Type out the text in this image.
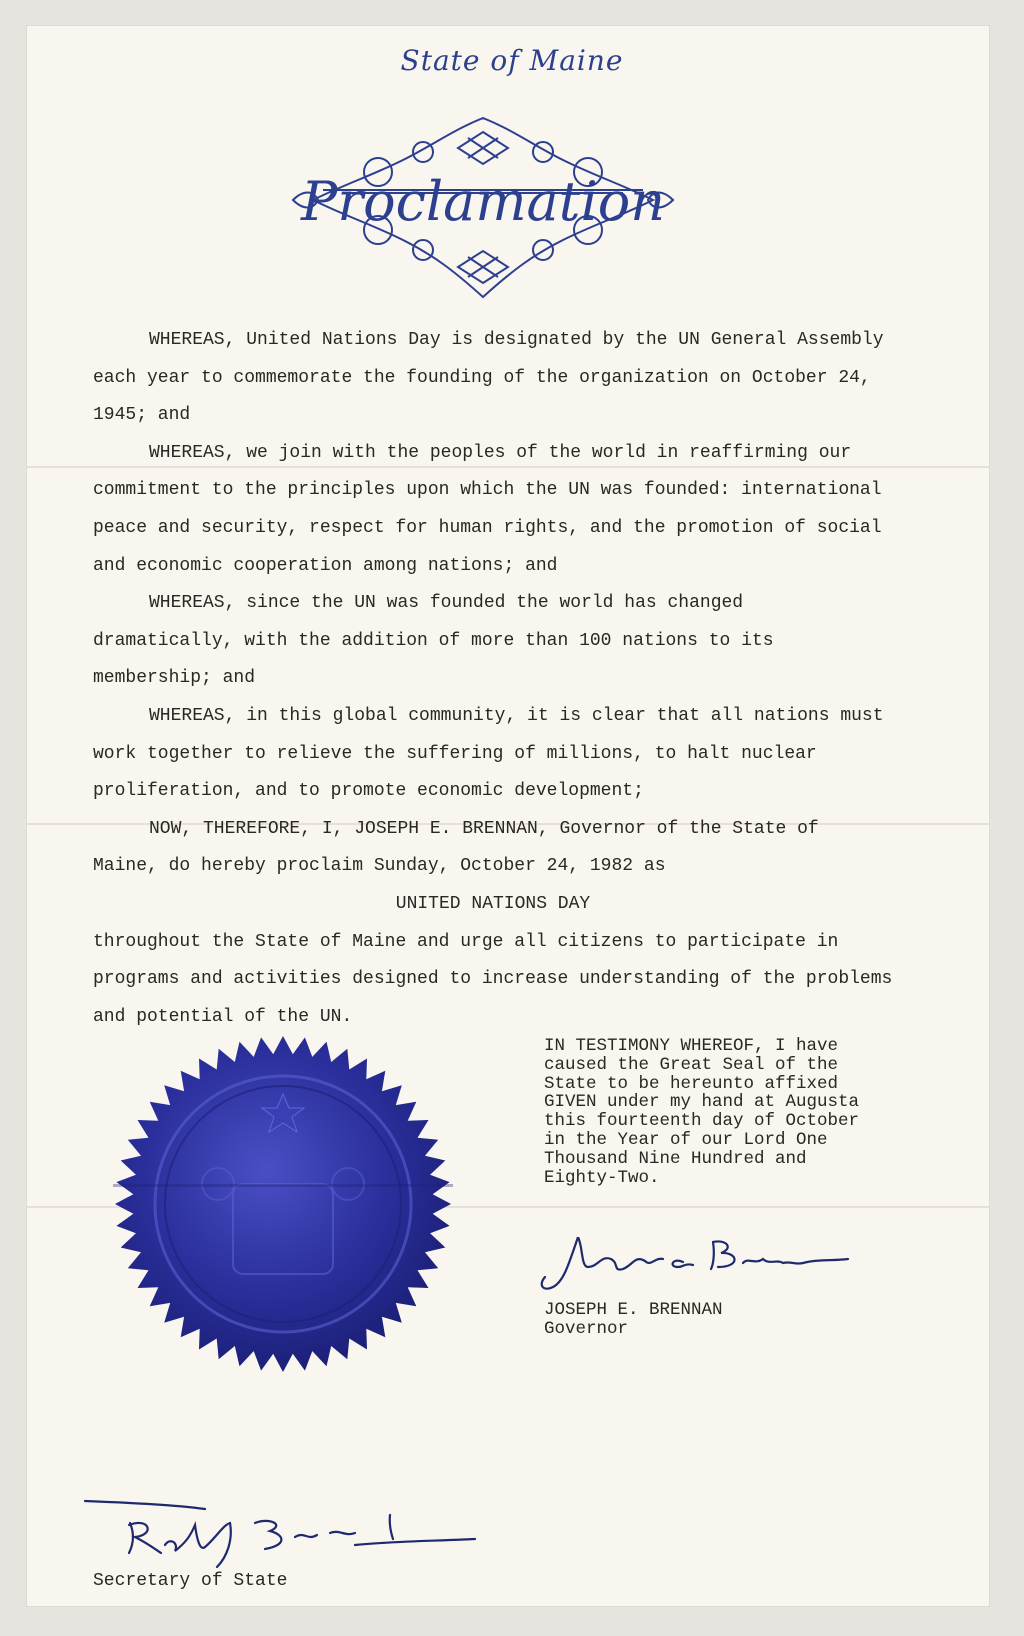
State of Maine
Proclamation

WHEREAS, United Nations Day is designated by the UN General Assembly each year to commemorate the founding of the organization on October 24, 1945; and

WHEREAS, we join with the peoples of the world in reaffirming our commitment to the principles upon which the UN was founded: international peace and security, respect for human rights, and the promotion of social and economic cooperation among nations; and

WHEREAS, since the UN was founded the world has changed dramatically, with the addition of more than 100 nations to its membership; and

WHEREAS, in this global community, it is clear that all nations must work together to relieve the suffering of millions, to halt nuclear proliferation, and to promote economic development;

NOW, THEREFORE, I, JOSEPH E. BRENNAN, Governor of the State of Maine, do hereby proclaim Sunday, October 24, 1982 as

UNITED NATIONS DAY

throughout the State of Maine and urge all citizens to participate in programs and activities designed to increase understanding of the problems and potential of the UN.

IN TESTIMONY WHEREOF, I have

caused the Great Seal of the

State to be hereunto affixed

GIVEN under my hand at Augusta

this fourteenth day of October

in the Year of our Lord One

Thousand Nine Hundred and

Eighty-Two.

JOSEPH E. BRENNAN
Governor
Secretary of State
